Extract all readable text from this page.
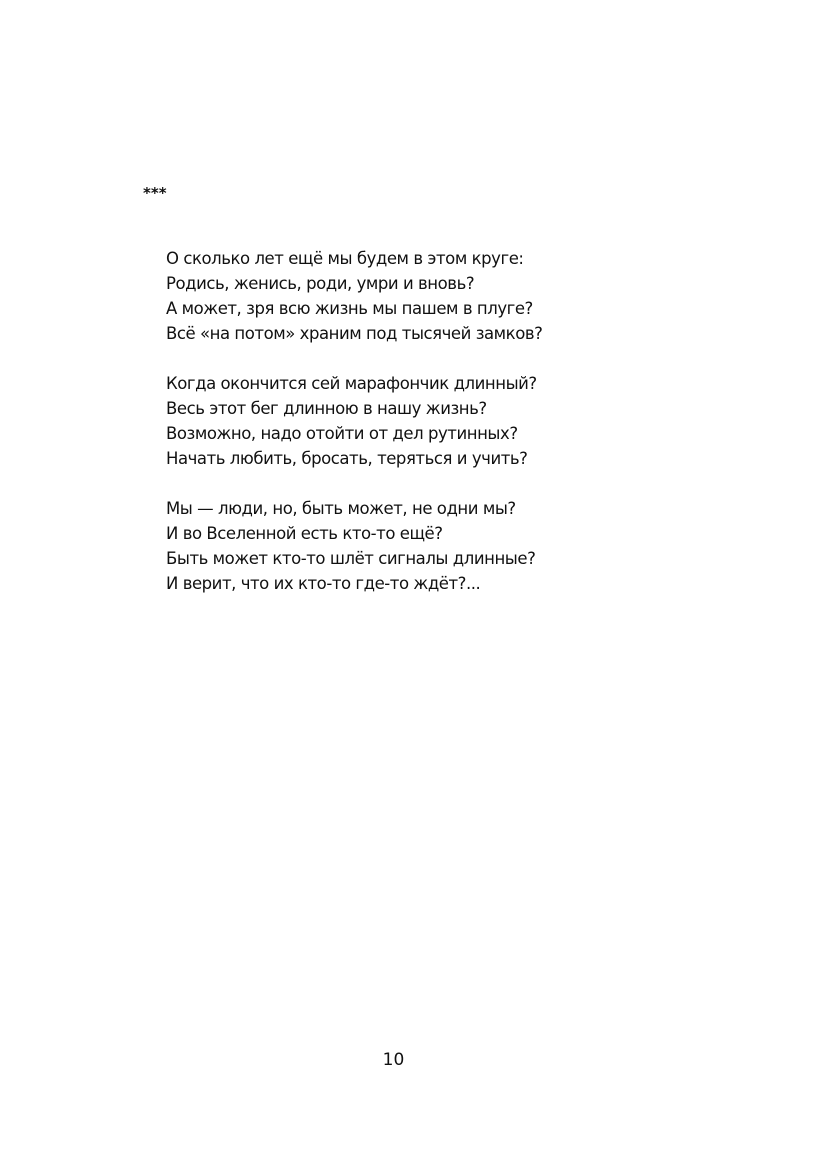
***
О сколько лет ещё мы будем в этом круге:
Родись, женись, роди, умри и вновь?
А может, зря всю жизнь мы пашем в плуге?
Всё «на потом» храним под тысячей замков?
Когда окончится сей марафончик длинный?
Весь этот бег длинною в нашу жизнь?
Возможно, надо отойти от дел рутинных?
Начать любить, бросать, теряться и учить?
Мы — люди, но, быть может, не одни мы?
И во Вселенной есть кто-то ещё?
Быть может кто-то шлёт сигналы длинные?
И верит, что их кто-то где-то ждёт?...
10
